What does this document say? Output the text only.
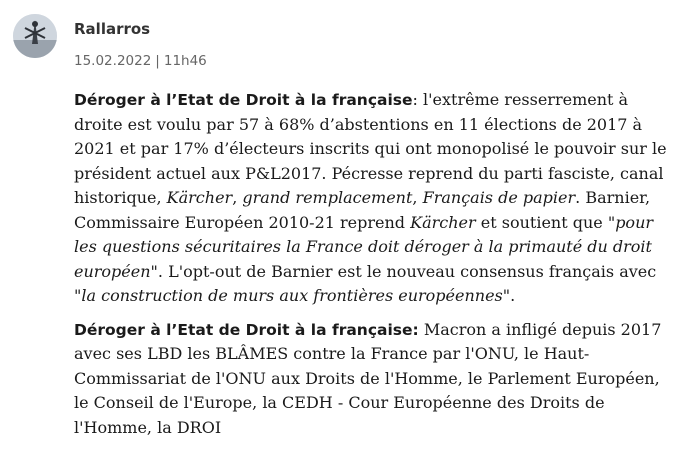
Rallarros
15.02.2022 | 11h46

Déroger à l’Etat de Droit à la française: l'extrême resserrement à droite est voulu par 57 à 68% d’abstentions en 11 élections de 2017 à 2021 et par 17% d’électeurs inscrits qui ont monopolisé le pouvoir sur le président actuel aux P&L2017. Pécresse reprend du parti fasciste, canal historique, Kärcher, grand remplacement, Français de papier. Barnier, Commissaire Européen 2010-21 reprend Kärcher et soutient que "pour les questions sécuritaires la France doit déroger à la primauté du droit européen". L'opt-out de Barnier est le nouveau consensus français avec "la construction de murs aux frontières européennes".

Déroger à l’Etat de Droit à la française: Macron a infligé depuis 2017 avec ses LBD les BLÂMES contre la France par l'ONU, le Haut-Commissariat de l'ONU aux Droits de l'Homme, le Parlement Européen, le Conseil de l'Europe, la CEDH - Cour Européenne des Droits de l'Homme, la DROI
